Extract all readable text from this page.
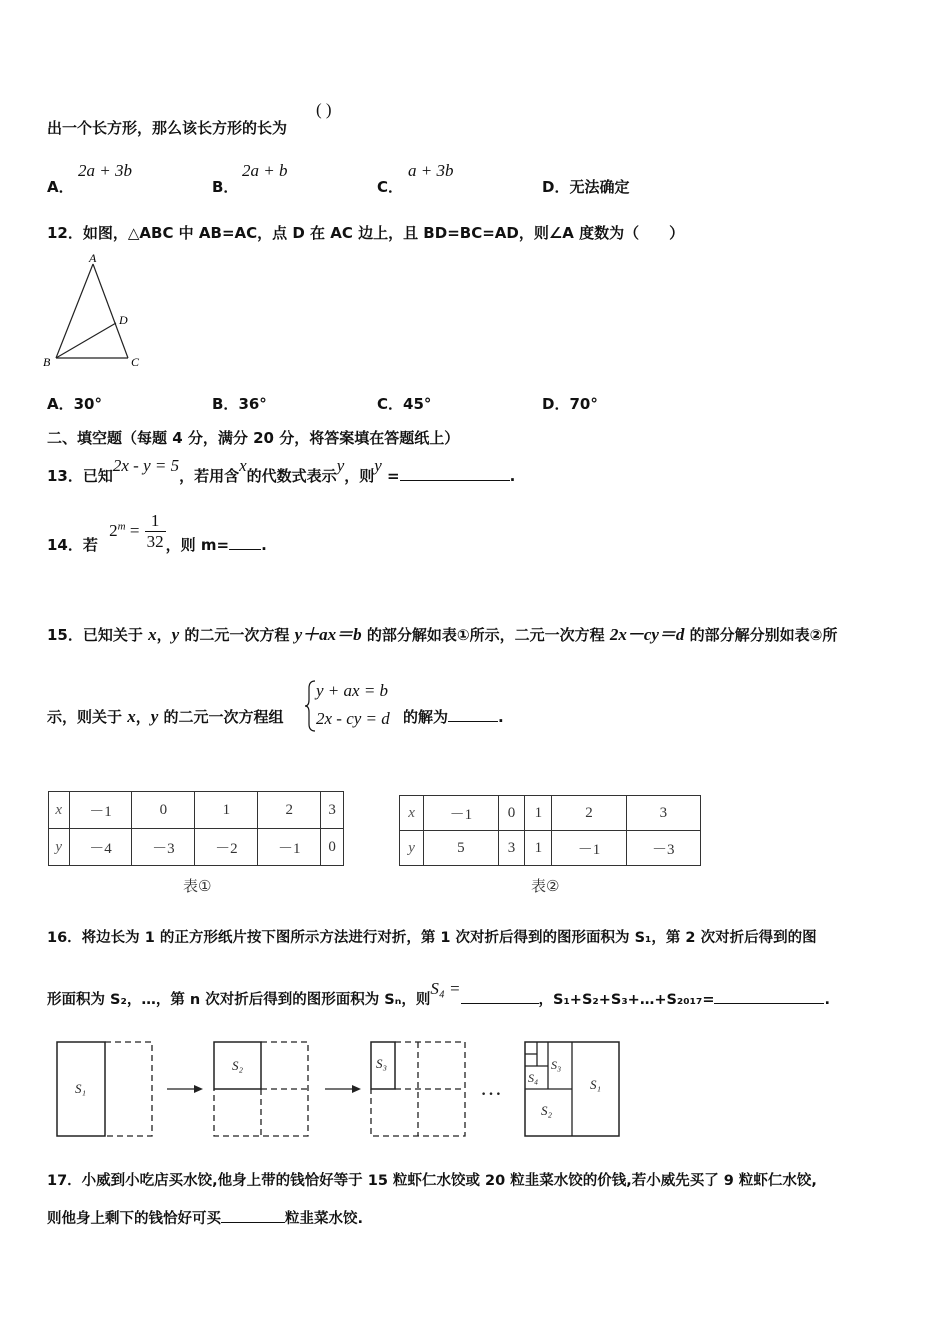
出一个长方形，那么该长方形的长为
( )
A．
2a + 3b
B．
2a + b
C．
a + 3b
D．无法确定
12．如图，△ABC 中 AB=AC，点 D 在 AC 边上，且 BD=BC=AD，则∠A 度数为（　　）
A
B	C
D
A．30°	B．36°	C．45°	D．70°
二、填空题（每题 4 分，满分 20 分，将答案填在答题纸上）
13．已知2x - y = 5，若用含x的代数式表示y，则y =	.
14．若 $2^m = \frac{1}{32}$ ，则 m= .
15．已知关于 x，y 的二元一次方程 y＋ax＝b 的部分解如表①所示，二元一次方程 2x－cy＝d 的部分解分别如表②所
示，则关于 x，y 的二元一次方程组
y + ax = b
2x - cy = d 的解为	.
x	－1	0	1	2	3
y	－4	－3	－2	－1	0
表①
x	－1	0	1	2	3
y	5	3	1	－1	－3
表②
16．将边长为 1 的正方形纸片按下图所示方法进行对折，第 1 次对折后得到的图形面积为 S₁，第 2 次对折后得到的图
形面积为 S₂，…，第 n 次对折后得到的图形面积为 Sₙ，则S₄ =，S₁+S₂+S₃+…+S₂₀₁₇=	.
S₁
S₂	S₃
…
S₃
S₄
S₂
S₁
17．小威到小吃店买水饺,他身上带的钱恰好等于 15 粒虾仁水饺或 20 粒韭菜水饺的价钱,若小威先买了 9 粒虾仁水饺,
则他身上剩下的钱恰好可买	粒韭菜水饺.
